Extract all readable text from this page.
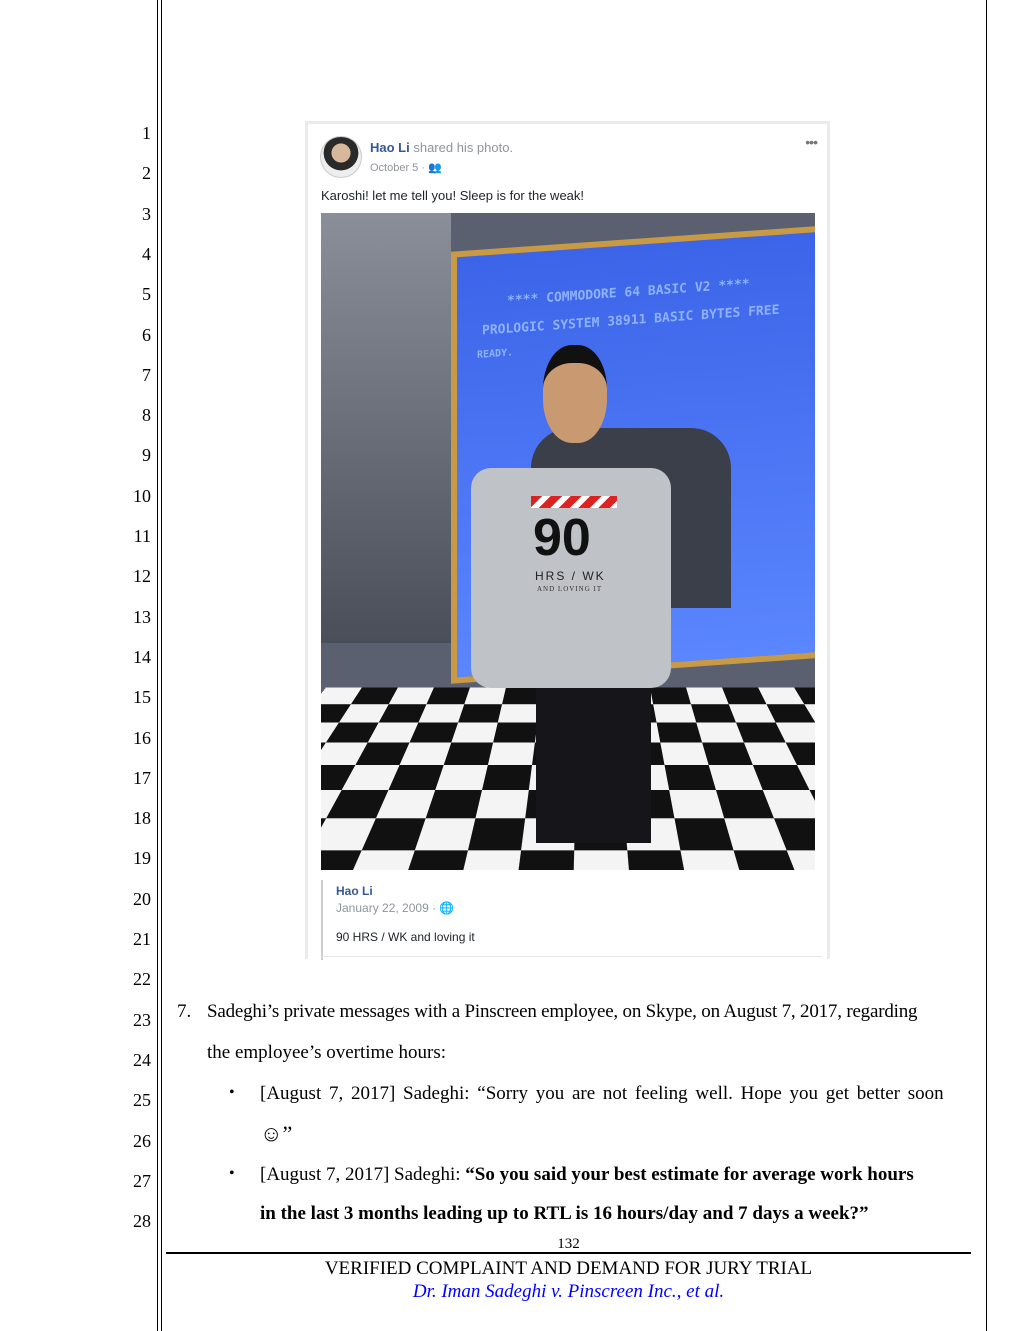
1
2
3
4
5
6
7
8
9
10
11
12
13
14
15
16
17
18
19
20
21
22
23
24
25
26
27
28
Hao Li shared his photo.
October 5 · 👥
•••
Karoshi! let me tell you! Sleep is for the weak!
**** COMMODORE 64 BASIC V2 ****
PROLOGIC SYSTEM 38911 BASIC BYTES FREE
READY.
90
HRS / WK
AND LOVING IT
Hao Li
January 22, 2009 · 🌐
90 HRS / WK and loving it
7. Sadeghi’s private messages with a Pinscreen employee, on Skype, on August 7, 2017, regarding
the employee’s overtime hours:
• [August 7, 2017] Sadeghi: “Sorry you are not feeling well. Hope you get better soon
☺”
• [August 7, 2017] Sadeghi: “So you said your best estimate for average work hours
in the last 3 months leading up to RTL is 16 hours/day and 7 days a week?”
132
VERIFIED COMPLAINT AND DEMAND FOR JURY TRIAL
Dr. Iman Sadeghi v. Pinscreen Inc., et al.
